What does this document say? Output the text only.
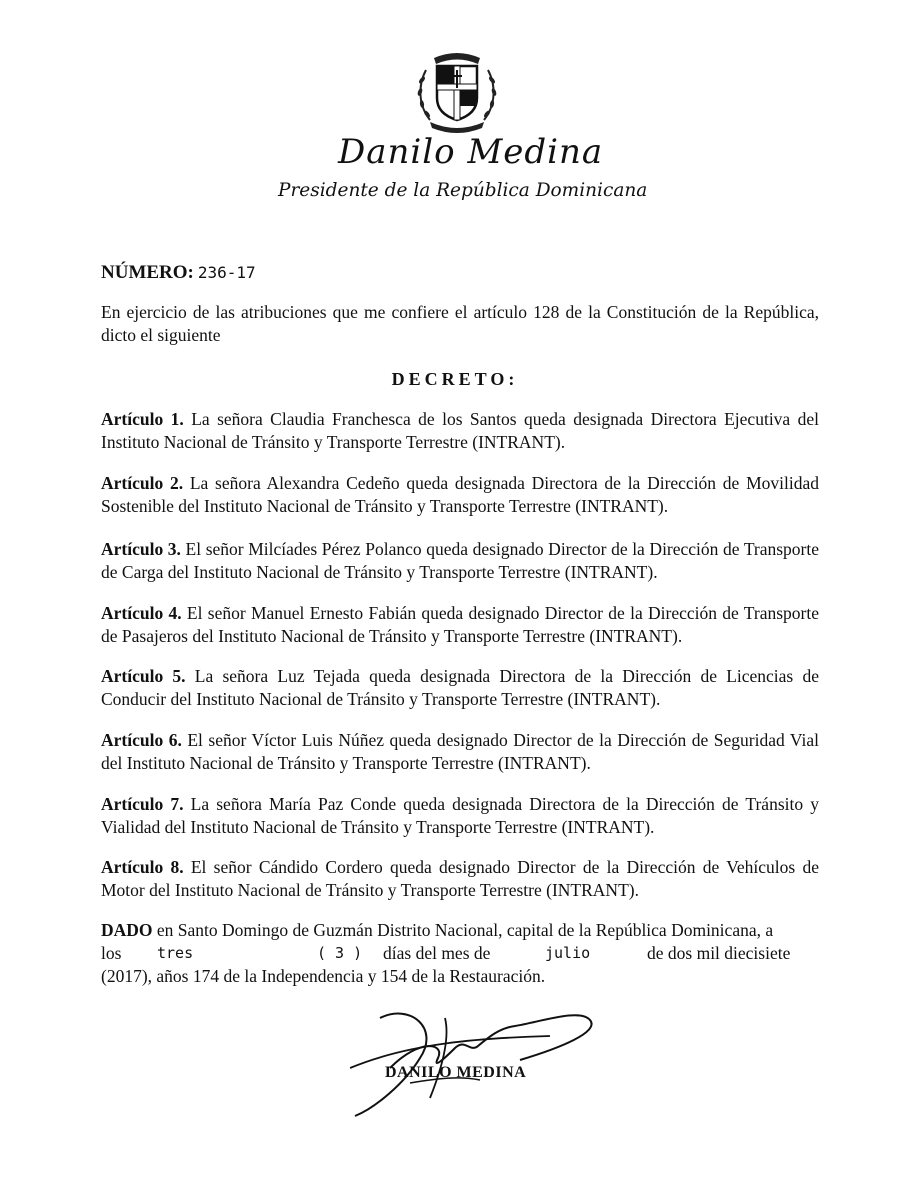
Danilo Medina
Presidente de la República Dominicana
NÚMERO: 236-17
En ejercicio de las atribuciones que me confiere el artículo 128 de la Constitución de la República, dicto el siguiente
DECRETO:
Artículo 1. La señora Claudia Franchesca de los Santos queda designada Directora Ejecutiva del Instituto Nacional de Tránsito y Transporte Terrestre (INTRANT).
Artículo 2. La señora Alexandra Cedeño queda designada Directora de la Dirección de Movilidad Sostenible del Instituto Nacional de Tránsito y Transporte Terrestre (INTRANT).
Artículo 3. El señor Milcíades Pérez Polanco queda designado Director de la Dirección de Transporte de Carga del Instituto Nacional de Tránsito y Transporte Terrestre (INTRANT).
Artículo 4. El señor Manuel Ernesto Fabián queda designado Director de la Dirección de Transporte de Pasajeros del Instituto Nacional de Tránsito y Transporte Terrestre (INTRANT).
Artículo 5. La señora Luz Tejada queda designada Directora de la Dirección de Licencias de Conducir del Instituto Nacional de Tránsito y Transporte Terrestre (INTRANT).
Artículo 6. El señor Víctor Luis Núñez queda designado Director de la Dirección de Seguridad Vial del Instituto Nacional de Tránsito y Transporte Terrestre (INTRANT).
Artículo 7. La señora María Paz Conde queda designada Directora de la Dirección de Tránsito y Vialidad del Instituto Nacional de Tránsito y Transporte Terrestre (INTRANT).
Artículo 8. El señor Cándido Cordero queda designado Director de la Dirección de Vehículos de Motor del Instituto Nacional de Tránsito y Transporte Terrestre (INTRANT).
DADO en Santo Domingo de Guzmán Distrito Nacional, capital de la República Dominicana, a
los tres	( 3 ) días del mes de	julio	de dos mil diecisiete
(2017), años 174 de la Independencia y 154 de la Restauración.
DANILO MEDINA
